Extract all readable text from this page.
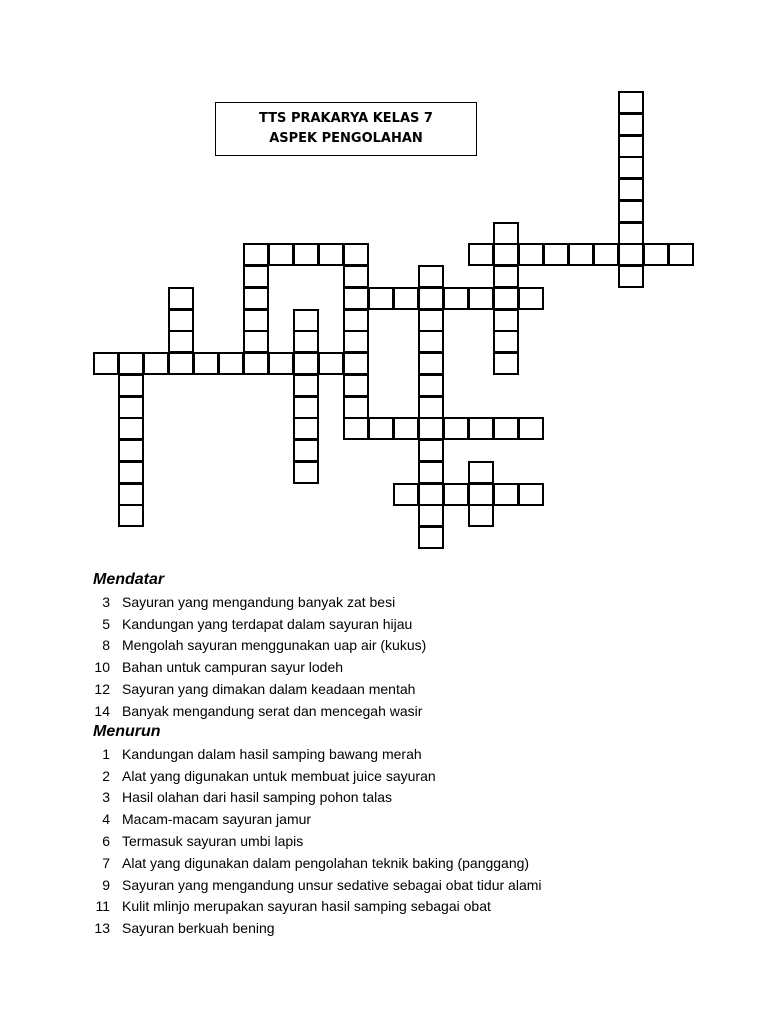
TTS PRAKARYA KELAS 7
ASPEK PENGOLAHAN
Mendatar
3 Sayuran yang mengandung banyak zat besi
5 Kandungan yang terdapat dalam sayuran hijau
8 Mengolah sayuran menggunakan uap air (kukus)
10 Bahan untuk campuran sayur lodeh
12 Sayuran yang dimakan dalam keadaan mentah
14 Banyak mengandung serat dan mencegah wasir
Menurun
1 Kandungan dalam hasil samping bawang merah
2 Alat yang digunakan untuk membuat juice sayuran
3 Hasil olahan dari hasil samping pohon talas
4 Macam-macam sayuran jamur
6 Termasuk sayuran umbi lapis
7 Alat yang digunakan dalam pengolahan teknik baking (panggang)
9 Sayuran yang mengandung unsur sedative sebagai obat tidur alami
11 Kulit mlinjo merupakan sayuran hasil samping sebagai obat
13 Sayuran berkuah bening
